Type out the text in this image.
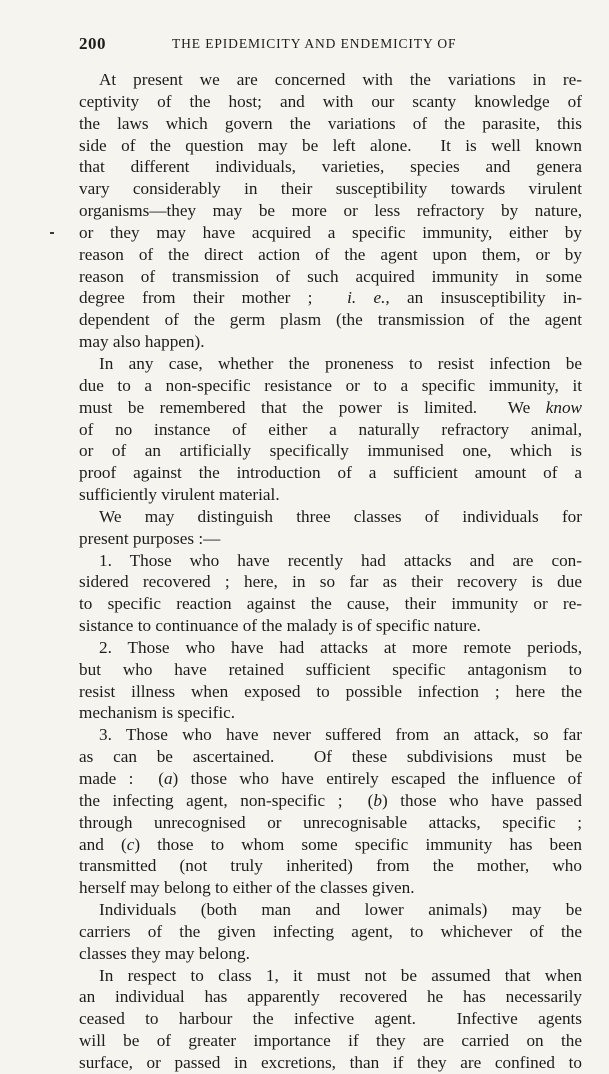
200	THE EPIDEMICITY AND ENDEMICITY OF
At present we are concerned with the variations in re-
ceptivity of the host; and with our scanty knowledge of
the laws which govern the variations of the parasite, this
side of the question may be left alone.  It is well known
that different individuals, varieties, species and genera
vary considerably in their susceptibility towards virulent
organisms—they may be more or less refractory by nature,
or they may have acquired a specific immunity, either by
reason of the direct action of the agent upon them, or by
reason of transmission of such acquired immunity in some
degree from their mother ;  i. e., an insusceptibility in-
dependent of the germ plasm (the transmission of the agent
may also happen).
In any case, whether the proneness to resist infection be
due to a non-specific resistance or to a specific immunity, it
must be remembered that the power is limited.  We know
of no instance of either a naturally refractory animal,
or of an artificially specifically immunised one, which is
proof against the introduction of a sufficient amount of a
sufficiently virulent material.
We may distinguish three classes of individuals for
present purposes :—
1. Those who have recently had attacks and are con-
sidered recovered ; here, in so far as their recovery is due
to specific reaction against the cause, their immunity or re-
sistance to continuance of the malady is of specific nature.
2. Those who have had attacks at more remote periods,
but who have retained sufficient specific antagonism to
resist illness when exposed to possible infection ; here the
mechanism is specific.
3. Those who have never suffered from an attack, so far
as can be ascertained.  Of these subdivisions must be
made :  (a) those who have entirely escaped the influence of
the infecting agent, non-specific ;  (b) those who have passed
through unrecognised or unrecognisable attacks, specific ;
and (c) those to whom some specific immunity has been
transmitted (not truly inherited) from the mother, who
herself may belong to either of the classes given.
Individuals (both man and lower animals) may be
carriers of the given infecting agent, to whichever of the
classes they may belong.
In respect to class 1, it must not be assumed that when
an individual has apparently recovered he has necessarily
ceased to harbour the infective agent.  Infective agents
will be of greater importance if they are carried on the
surface, or passed in excretions, than if they are confined to
